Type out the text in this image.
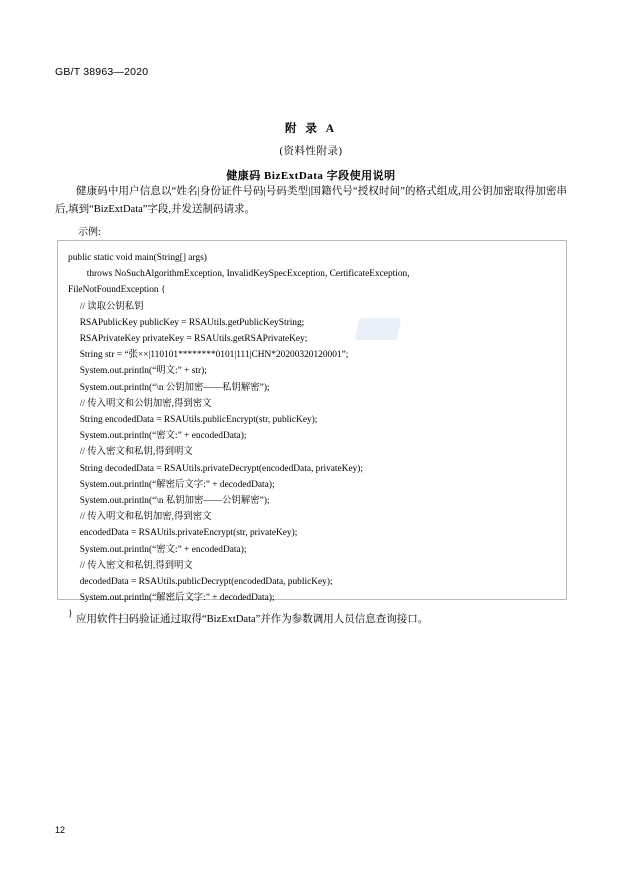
GB/T 38963—2020
附 录 A
(资料性附录)
健康码 BizExtData 字段使用说明
健康码中用户信息以“姓名|身份证件号码|号码类型|国籍代号“授权时间”的格式组成,用公钥加密取得加密串后,填到“BizExtData”字段,并发送制码请求。
示例:
public static void main(String[] args)
throws NoSuchAlgorithmException, InvalidKeySpecException, CertificateException,
FileNotFoundException {
// 读取公钥私钥
RSAPublicKey publicKey = RSAUtils.getPublicKeyString;
RSAPrivateKey privateKey = RSAUtils.getRSAPrivateKey;
String str = “张××|110101********0101|111|CHN*20200320120001”;
System.out.println(“明文:” + str);
System.out.println(“\n 公钥加密——私钥解密”);
// 传入明文和公钥加密,得到密文
String encodedData = RSAUtils.publicEncrypt(str, publicKey);
System.out.println(“密文:” + encodedData);
// 传入密文和私钥,得到明文
String decodedData = RSAUtils.privateDecrypt(encodedData, privateKey);
System.out.println(“解密后文字:” + decodedData);
System.out.println(“\n 私钥加密——公钥解密”);
// 传入明文和私钥加密,得到密文
encodedData = RSAUtils.privateEncrypt(str, privateKey);
System.out.println(“密文:” + encodedData);
// 传入密文和私钥,得到明文
decodedData = RSAUtils.publicDecrypt(encodedData, publicKey);
System.out.println(“解密后文字:” + decodedData);
} 应用软件扫码验证通过取得“BizExtData”并作为参数调用人员信息查询接口。
12
